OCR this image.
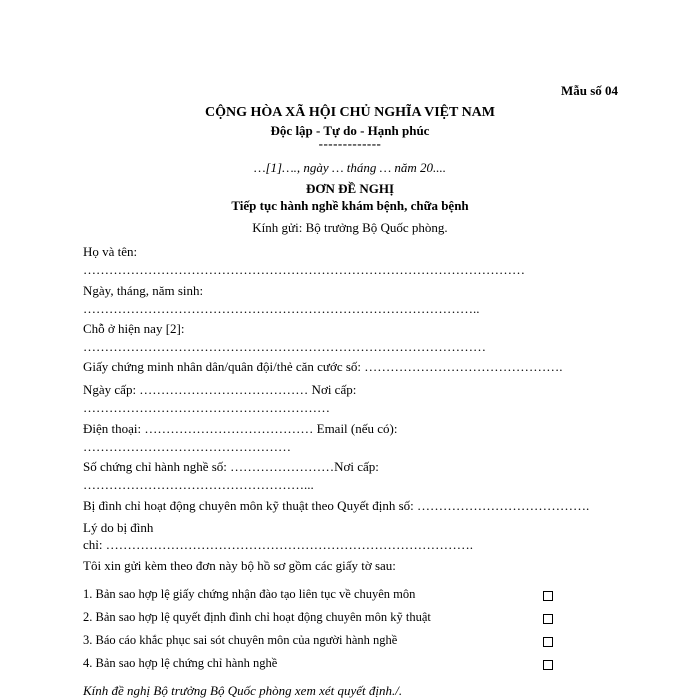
Mẫu số 04
CỘNG HÒA XÃ HỘI CHỦ NGHĨA VIỆT NAM
Độc lập - Tự do - Hạnh phúc
-------------
…[1]…., ngày … tháng … năm 20....
ĐƠN ĐỀ NGHỊ
Tiếp tục hành nghề khám bệnh, chữa bệnh
Kính gửi: Bộ trưởng Bộ Quốc phòng.
Họ và tên:
…………………………………………………………………………………………
Ngày, tháng, năm sinh:
………………………………………………………………………………..
Chỗ ở hiện nay [2]:
…………………………………………………………………………………
Giấy chứng minh nhân dân/quân đội/thẻ căn cước số: ……………………………………….
Ngày cấp: ………………………………… Nơi cấp:
…………………………………………………
Điện thoại: ………………………………… Email (nếu có):
…………………………………………
Số chứng chỉ hành nghề số: ……………………Nơi cấp:
……………………………………………...
Bị đình chỉ hoạt động chuyên môn kỹ thuật theo Quyết định số: ………………………………….
Lý do bị đình
chỉ: ………………………………………………………………………….
Tôi xin gửi kèm theo đơn này bộ hồ sơ gồm các giấy tờ sau:
1. Bản sao hợp lệ giấy chứng nhận đào tạo liên tục về chuyên môn
2. Bản sao hợp lệ quyết định đình chỉ hoạt động chuyên môn kỹ thuật
3. Báo cáo khắc phục sai sót chuyên môn của người hành nghề
4. Bản sao hợp lệ chứng chỉ hành nghề
Kính đề nghị Bộ trưởng Bộ Quốc phòng xem xét quyết định./.
